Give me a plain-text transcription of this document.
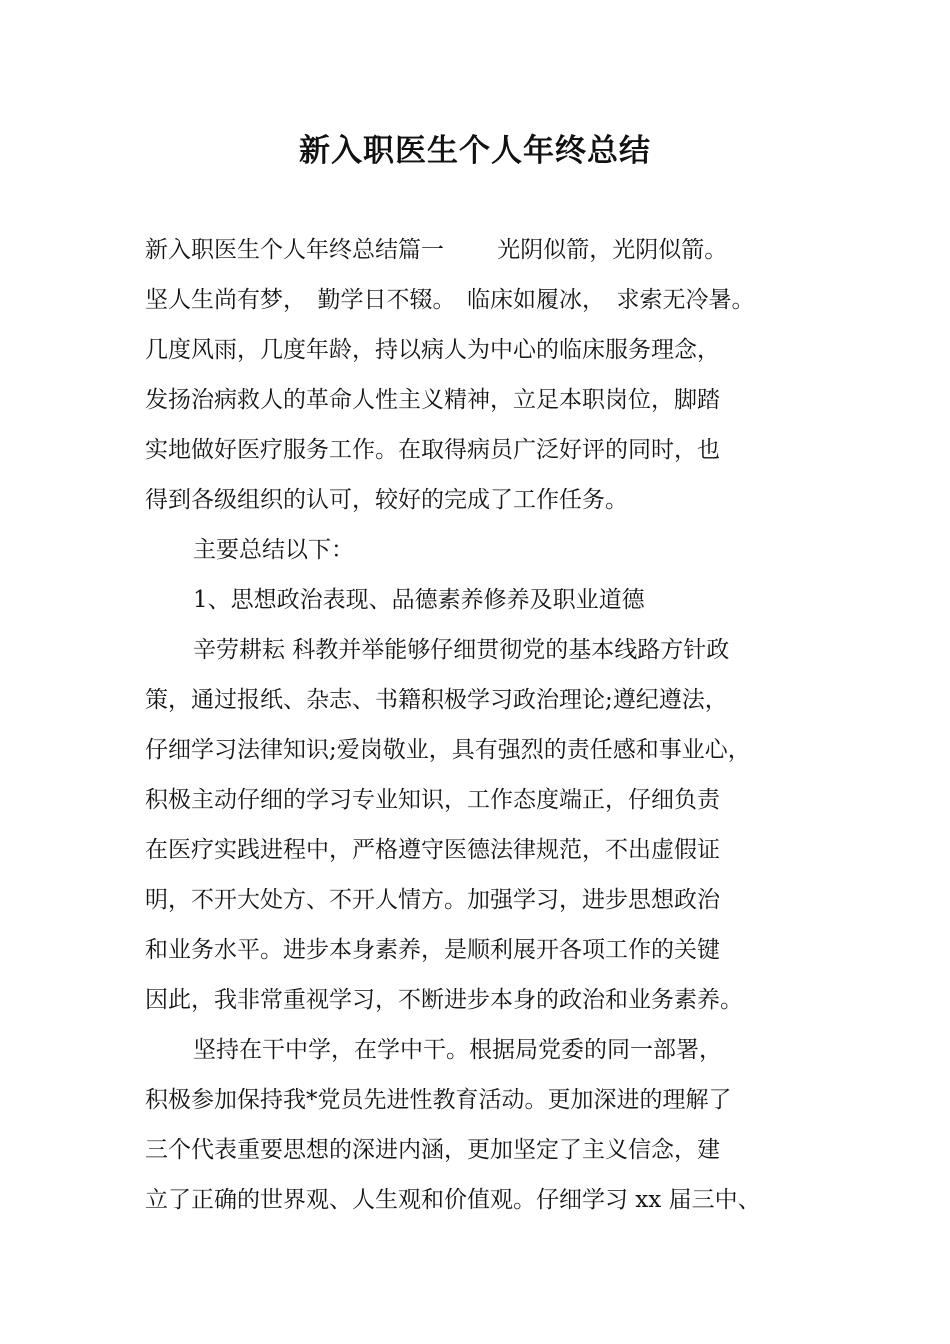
新入职医生个人年终总结
新入职医生个人年终总结篇一　　 光阴似箭，光阴似箭。
坚人生尚有梦，　勤学日不辍。　临床如履冰，　求索无冷暑。
几度风雨，几度年龄，持以病人为中心的临床服务理念，
发扬治病救人的革命人性主义精神，立足本职岗位，脚踏
实地做好医疗服务工作。在取得病员广泛好评的同时，也
得到各级组织的认可，较好的完成了工作任务。
主要总结以下：
1、思想政治表现、品德素养修养及职业道德
辛劳耕耘 科教并举能够仔细贯彻党的基本线路方针政
策，通过报纸、杂志、书籍积极学习政治理论;遵纪遵法，
仔细学习法律知识;爱岗敬业，具有强烈的责任感和事业心，
积极主动仔细的学习专业知识，工作态度端正，仔细负责
在医疗实践进程中，严格遵守医德法律规范，不出虚假证
明，不开大处方、不开人情方。加强学习，进步思想政治
和业务水平。进步本身素养，是顺利展开各项工作的关键
因此，我非常重视学习，不断进步本身的政治和业务素养。
坚持在干中学，在学中干。根据局党委的同一部署，
积极参加保持我*党员先进性教育活动。更加深进的理解了
三个代表重要思想的深进内涵，更加坚定了主义信念，建
立了正确的世界观、人生观和价值观。仔细学习 xx 届三中、
